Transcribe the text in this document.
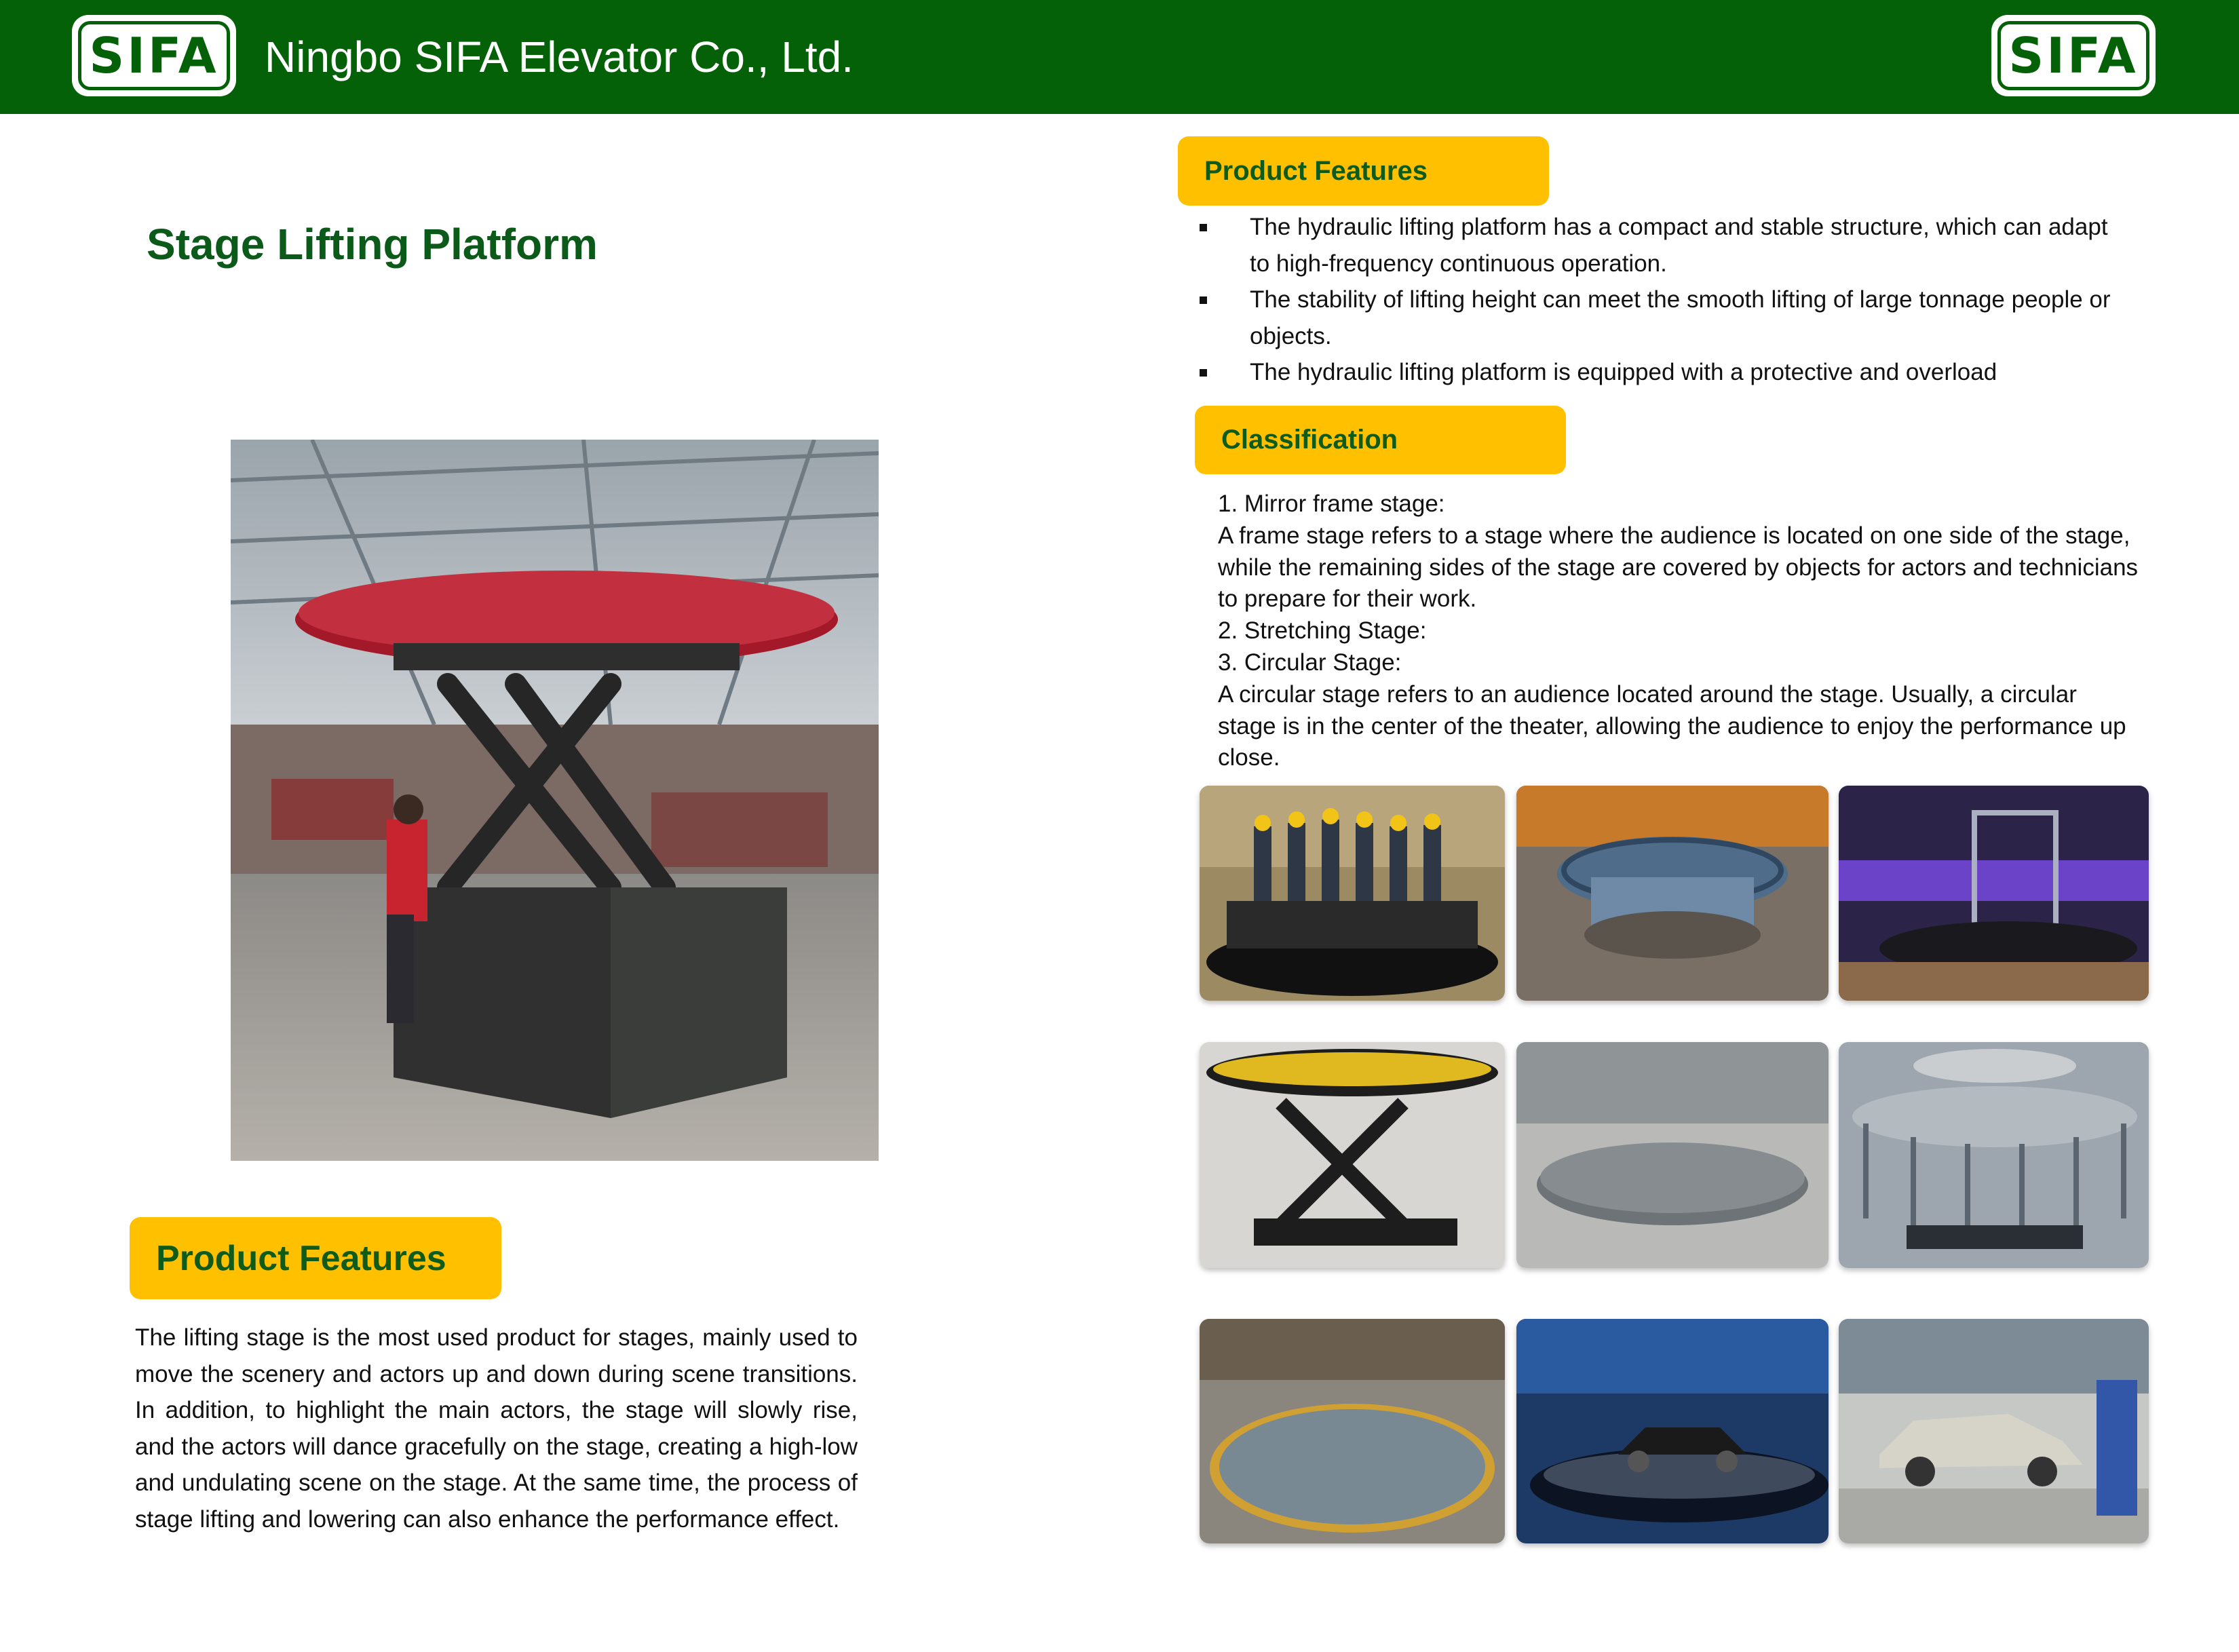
SIFA Ningbo SIFA Elevator Co., Ltd.	SIFA
Stage Lifting Platform
Product Features
The lifting stage is the most used product for stages, mainly used to move the scenery and actors up and down during scene transitions. In addition, to highlight the main actors, the stage will slowly rise, and the actors will dance gracefully on the stage, creating a high-low and undulating scene on the stage. At the same time, the process of stage lifting and lowering can also enhance the performance effect.
Product Features
The hydraulic lifting platform has a compact and stable structure, which can adapt to high-frequency continuous operation.
The stability of lifting height can meet the smooth lifting of large tonnage people or objects.
The hydraulic lifting platform is equipped with a protective and overload
Classification
1. Mirror frame stage:
A frame stage refers to a stage where the audience is located on one side of the stage, while the remaining sides of the stage are covered by objects for actors and technicians to prepare for their work.
2. Stretching Stage:
3. Circular Stage:
A circular stage refers to an audience located around the stage. Usually, a circular stage is in the center of the theater, allowing the audience to enjoy the performance up close.
